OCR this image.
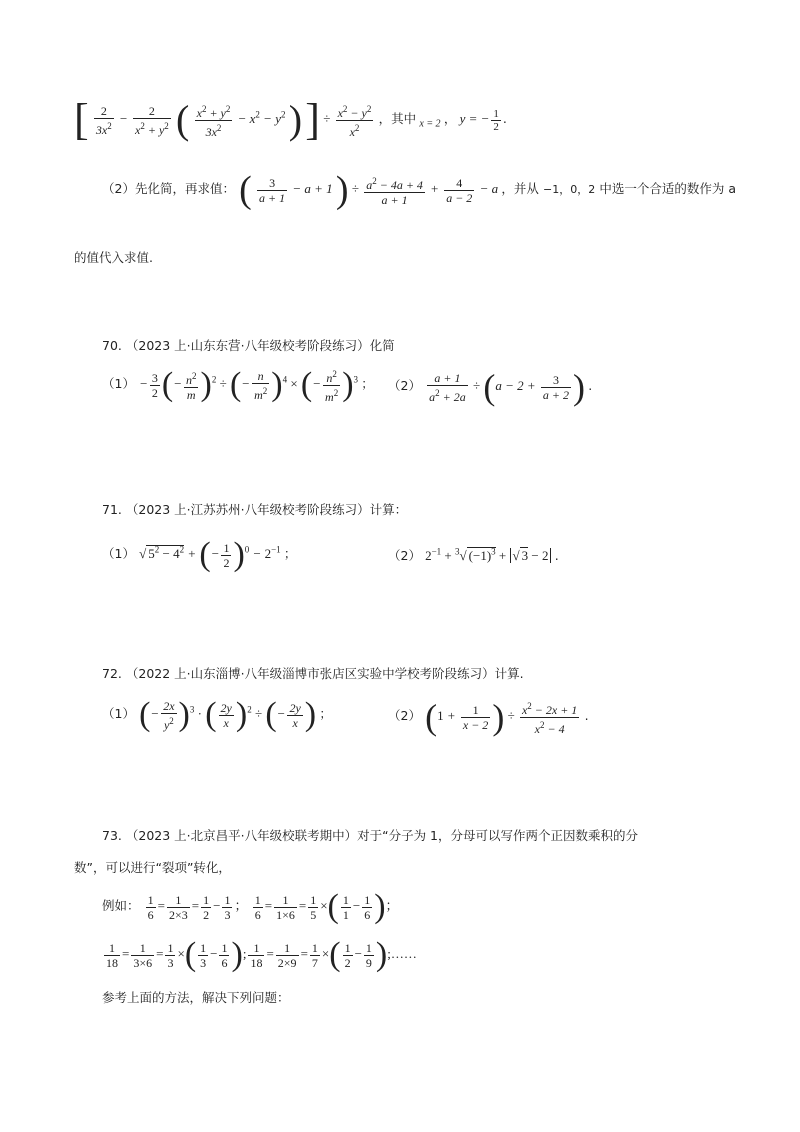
[ $\frac{2}{3x^2} - \frac{2}{x^2 + y^2}$ ( $\frac{x^2 + y^2}{3x^2} - x^2 - y^2$ ) ] ÷ $\frac{x^2 - y^2}{x^2}$ ，其中 $_{x = 2}$ ， y = − $\frac{1}{2}$ .
（2）先化简，再求值： ( $\frac{3}{a + 1} - a + 1$ ) ÷ $\frac{a^2 - 4a + 4}{a + 1} + \frac{4}{a - 2} - a$ ，并从 −1，0，2 中选一个合适的数作为 a
的值代入求值.
70. （2023 上·山东东营·八年级校考阶段练习）化简
$(1) - \frac{3}{2}$ (− $\frac{n^2}{m} )^2$ ÷ (− $\frac{n}{m^2} )^4$ × (− $\frac{n^2}{m^2} )^3$ ； $(2) \frac{a + 1}{a^2 + 2a} \div (a - 2 + \frac{3}{a + 2}$ ) .
71. （2023 上·江苏苏州·八年级校考阶段练习）计算：
（1） √ $5^2 - 4^2$ + (− $\frac{1}{2} )^0 - 2^{-1}$ ；	（2） $2^{-1} + ^3√$ $(-1)^3$ + √ 3 − 2 .
72. （2022 上·山东淄博·八年级淄博市张店区实验中学校考阶段练习）计算.
（1） (− $\frac{2x}{y^2} )^3$ · ( $\frac{2y}{x} )^2$ ÷ (− $\frac{2y}{x}$ ) ；	（2） ($1 + \frac{1}{x - 2}$ ) ÷ $\frac{x^2 - 2x + 1}{x^2 - 4}$ .
73. （2023 上·北京昌平·八年级校联考期中）对于“分子为 1，分母可以写作两个正因数乘积的分
数”，可以进行“裂项”转化，
例如： $\frac{1}{6} = \frac{1}{2\times 3} = \frac{1}{2} - \frac{1}{3}$ ； $\frac{1}{6} = \frac{1}{1\times 6} = \frac{1}{5}$ ×( $\frac{1}{1} - \frac{1}{6}$ )；
$\frac{1}{18} = \frac{1}{3\times 6} = \frac{1}{3}$ ×( $\frac{1}{3} - \frac{1}{6}$ ); $\frac{1}{18} = \frac{1}{2\times 9} = \frac{1}{7}$ ×( $\frac{1}{2} - \frac{1}{9}$ );……
参考上面的方法，解决下列问题：
